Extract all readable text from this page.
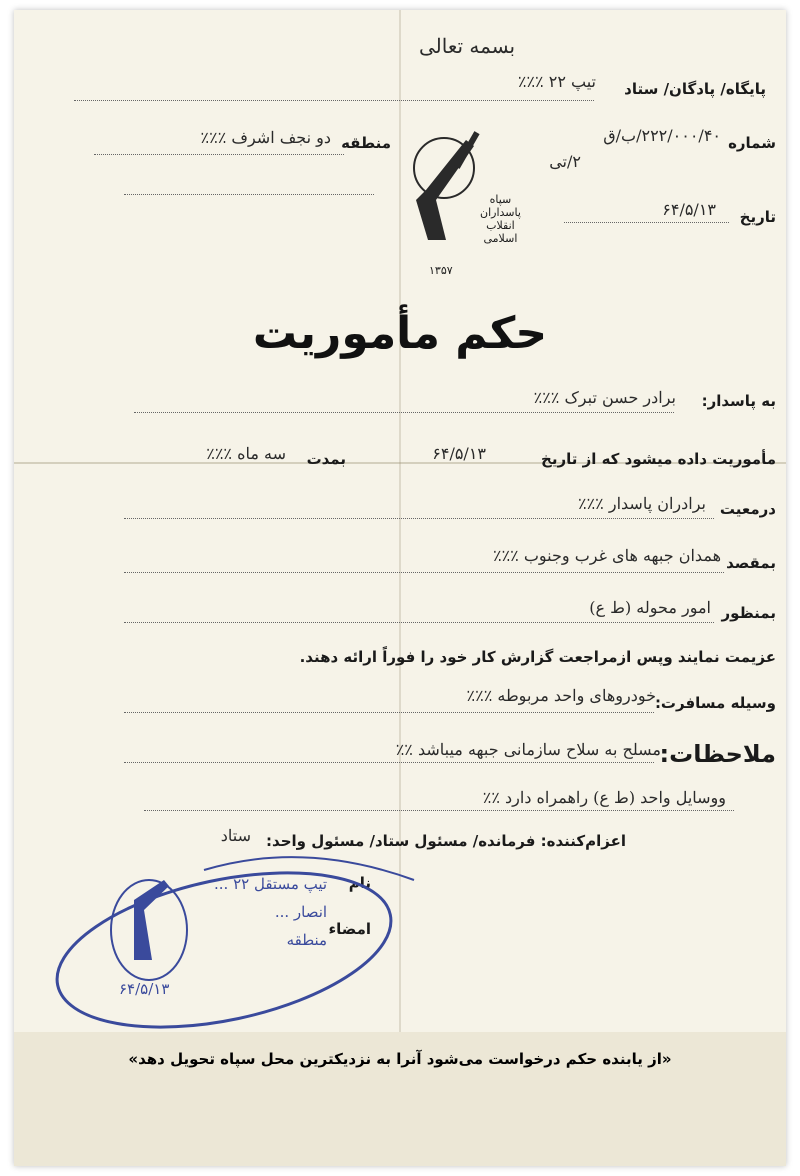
بسمه تعالی
پایگاه/ پادگان/ ستاد
تیپ ۲۲ ٪٪٪
منطقه
دو نجف اشرف ٪٪٪	شماره
۲۲۲/۰۰۰/۴۰/ب/ق
۲/تی
تاریخ
۶۴/۵/۱۳
سپاه
پاسداران
انقلاب
اسلامی
۱۳۵۷
حکم مأموریت
به پاسدار:
برادر حسن تبرک ٪٪٪
مأموریت داده میشود که از تاریخ
۶۴/۵/۱۳
بمدت
سه ماه ٪٪٪
درمعیت
برادران پاسدار ٪٪٪
بمقصد
همدان جبهه های غرب وجنوب ٪٪٪
بمنظور
امور محوله (ط ع)
عزیمت نمایند وپس ازمراجعت گزارش کار خود را فوراً ارائه دهند.
وسیله مسافرت:
خودروهای واحد مربوطه ٪٪٪
ملاحظات:
مسلح به سلاح سازمانی جبهه میباشد ٪٪
ووسایل واحد (ط ع) راهمراه دارد ٪٪
اعزام‌کننده: فرمانده/ مسئول ستاد/ مسئول واحد:
ستاد
نام
امضاء
تیپ مستقل ۲۲ ...
انصار ...
منطقه
۶۴/۵/۱۳
«از یابنده حکم درخواست می‌شود آنرا به نزدیکترین محل سپاه تحویل دهد»
